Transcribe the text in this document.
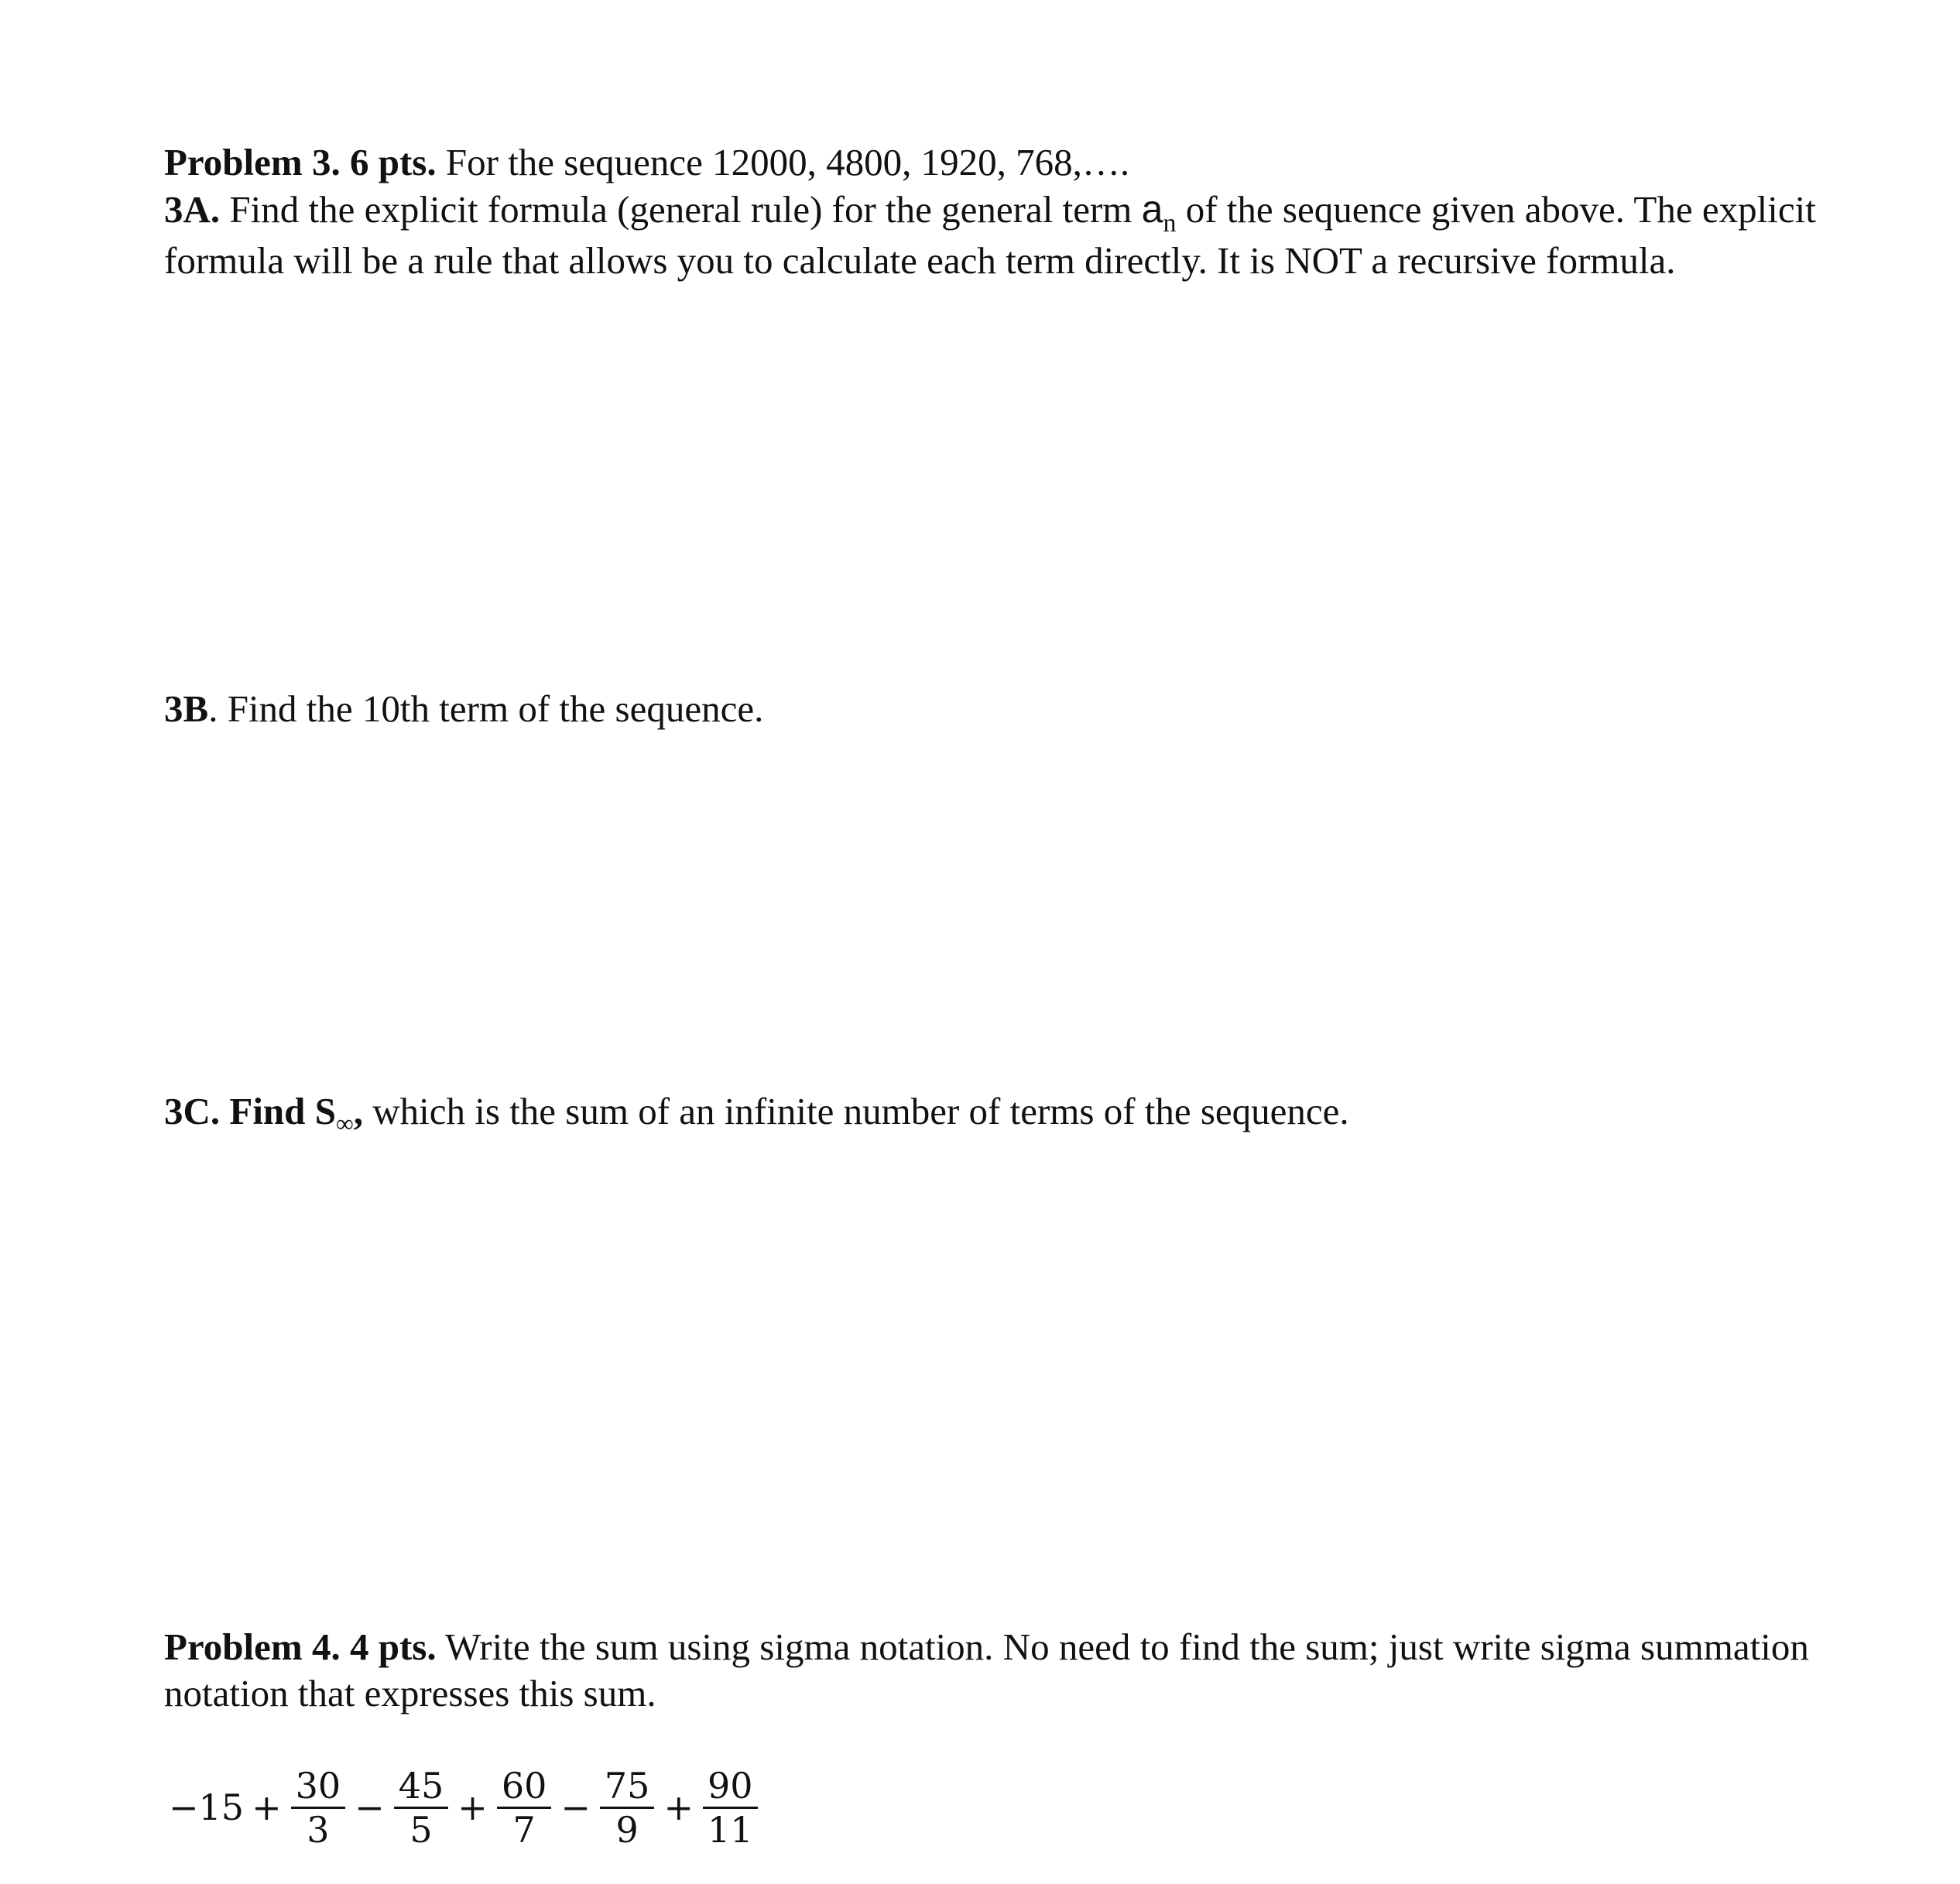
Problem 3. 6 pts. For the sequence 12000, 4800, 1920, 768,….

3A. Find the explicit formula (general rule) for the general term $a_n$ of the sequence given above. The explicit formula will be a rule that allows you to calculate each term directly. It is NOT a recursive formula.

3B. Find the 10th term of the sequence.

3C. Find $S_\infty$, which is the sum of an infinite number of terms of the sequence.

Problem 4. 4 pts. Write the sum using sigma notation. No need to find the sum; just write sigma summation notation that expresses this sum.

$-15 + \frac{30}{3} - \frac{45}{5} + \frac{60}{7} - \frac{75}{9} + \frac{90}{11}$
